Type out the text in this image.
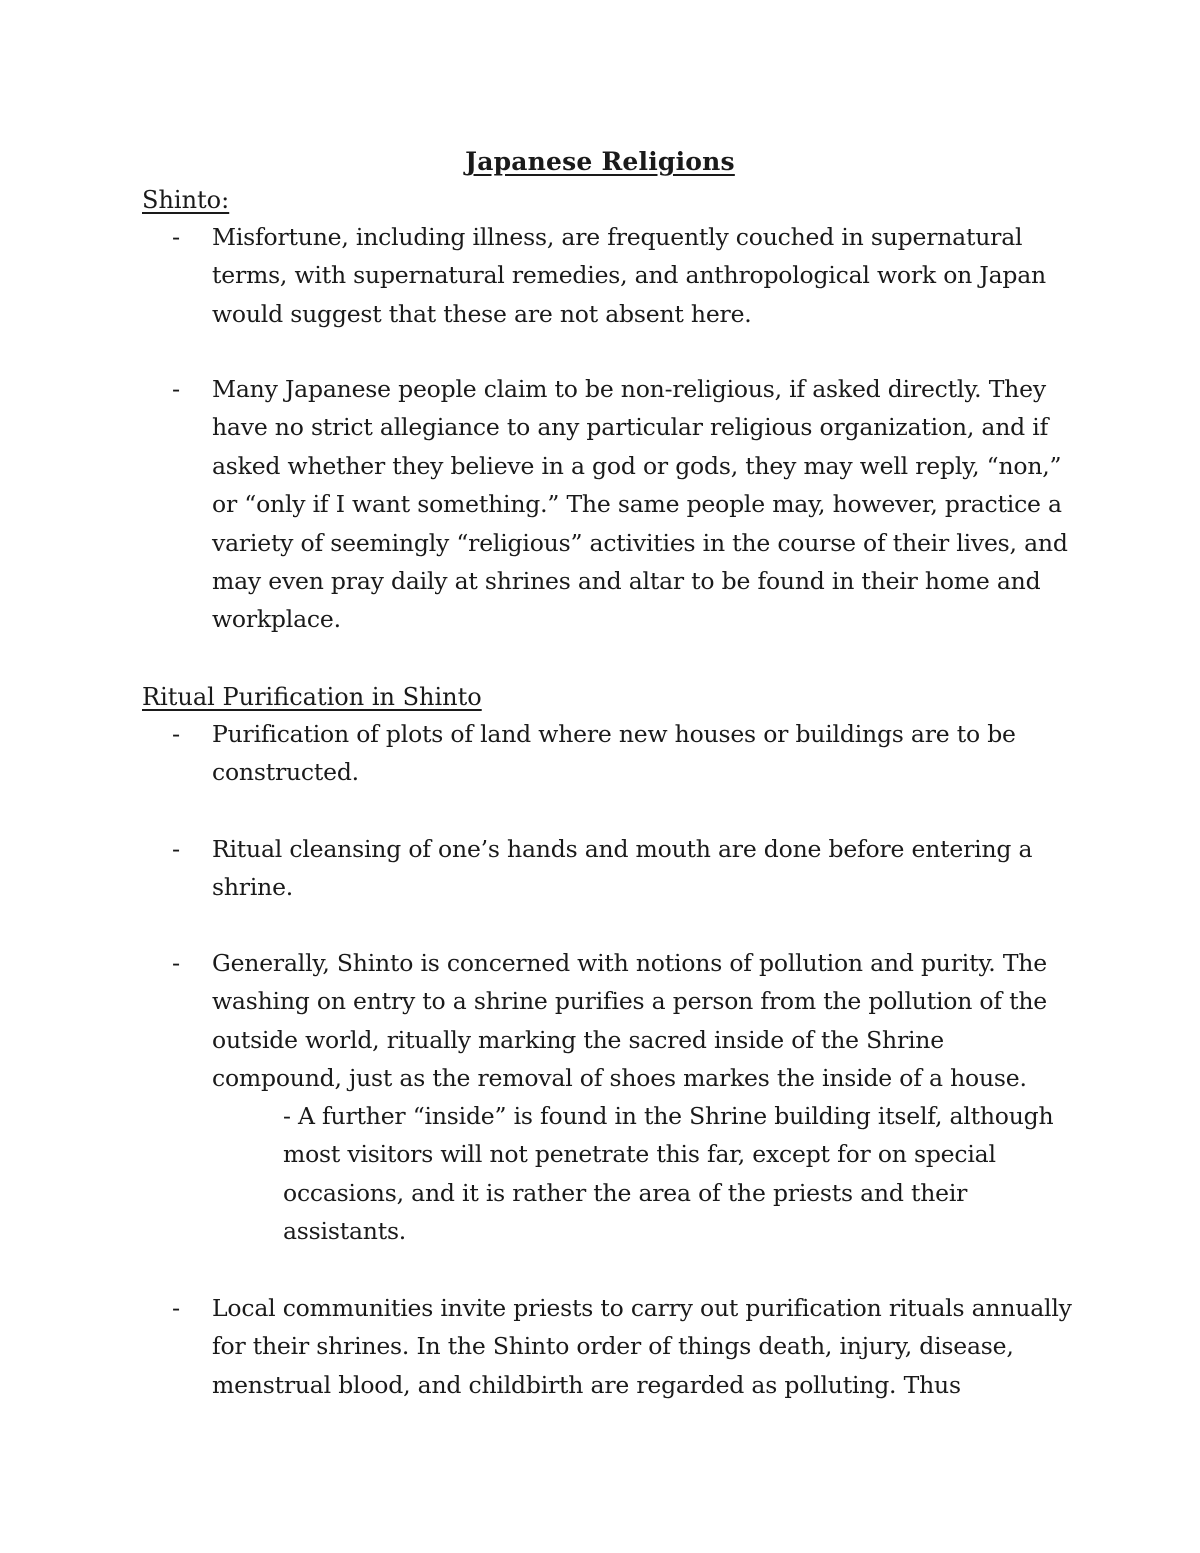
Japanese Religions
Shinto:
- Misfortune, including illness, are frequently couched in supernatural terms, with supernatural remedies, and anthropological work on Japan would suggest that these are not absent here.
- Many Japanese people claim to be non-religious, if asked directly. They have no strict allegiance to any particular religious organization, and if asked whether they believe in a god or gods, they may well reply, “non,” or “only if I want something.” The same people may, however, practice a variety of seemingly “religious” activities in the course of their lives, and may even pray daily at shrines and altar to be found in their home and workplace.
Ritual Purification in Shinto
- Purification of plots of land where new houses or buildings are to be constructed.
- Ritual cleansing of one’s hands and mouth are done before entering a shrine.
- Generally, Shinto is concerned with notions of pollution and purity. The washing on entry to a shrine purifies a person from the pollution of the outside world, ritually marking the sacred inside of the Shrine compound, just as the removal of shoes markes the inside of a house.
- A further “inside” is found in the Shrine building itself, although most visitors will not penetrate this far, except for on special occasions, and it is rather the area of the priests and their assistants.
- Local communities invite priests to carry out purification rituals annually for their shrines. In the Shinto order of things death, injury, disease, menstrual blood, and childbirth are regarded as polluting. Thus
